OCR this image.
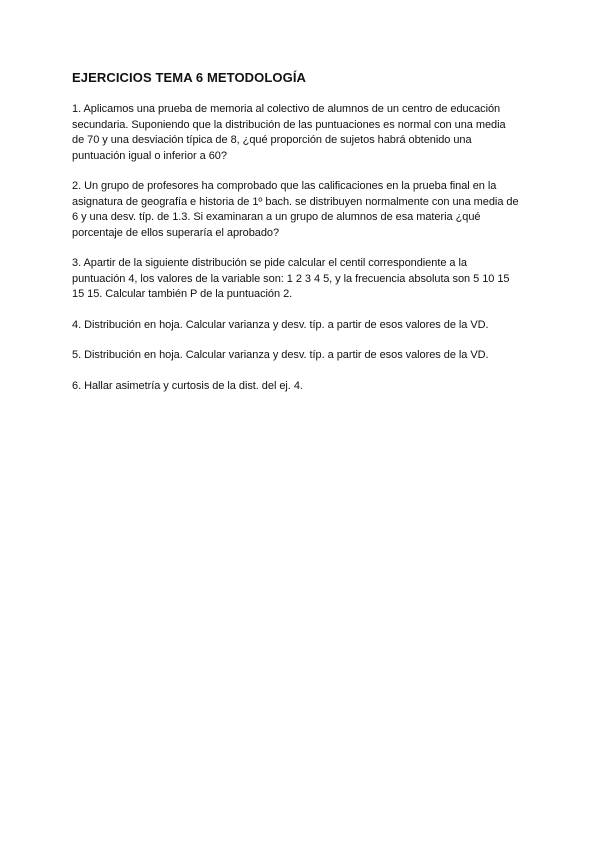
EJERCICIOS TEMA 6 METODOLOGÍA
1. Aplicamos una prueba de memoria al colectivo de alumnos de un centro de educación
secundaria. Suponiendo que la distribución de las puntuaciones es normal con una media
de 70 y una desviación típica de 8, ¿qué proporción de sujetos habrá obtenido una
puntuación igual o inferior a 60?
2. Un grupo de profesores ha comprobado que las calificaciones en la prueba final en la
asignatura de geografía e historia de 1º bach. se distribuyen normalmente con una media de
6 y una desv. típ. de 1.3. Si examinaran a un grupo de alumnos de esa materia ¿qué
porcentaje de ellos superaría el aprobado?
3. Apartir de la siguiente distribución se pide calcular el centil correspondiente a la
puntuación 4, los valores de la variable son: 1 2 3 4 5, y la frecuencia absoluta son 5 10 15
15 15. Calcular también P de la puntuación 2.
4. Distribución en hoja. Calcular varianza y desv. típ. a partir de esos valores de la VD.
5. Distribución en hoja. Calcular varianza y desv. típ. a partir de esos valores de la VD.
6. Hallar asimetría y curtosis de la dist. del ej. 4.
